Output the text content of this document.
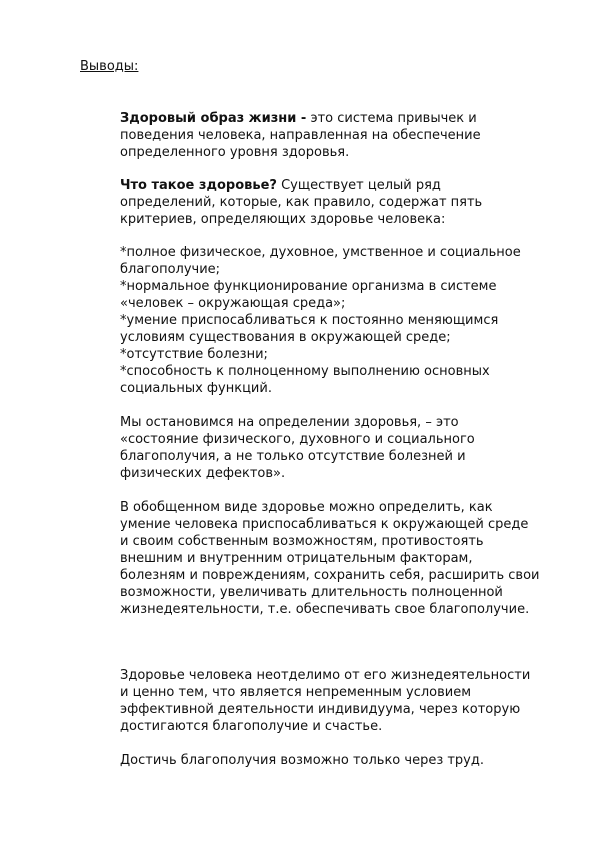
Выводы:

Здоровый образ жизни - это система привычек и поведения человека, направленная на обеспечение определенного уровня здоровья.

Что такое здоровье? Существует целый ряд определений, которые, как правило, содержат пять критериев, определяющих здоровье человека:

*полное физическое, духовное, умственное и социальное благополучие;

*нормальное функционирование организма в системе «человек – окружающая среда»;

*умение приспосабливаться к постоянно меняющимся условиям существования в окружающей среде;

*отсутствие болезни;

*способность к полноценному выполнению основных социальных функций.

Мы остановимся на определении здоровья, – это «состояние физического, духовного и социального благополучия, а не только отсутствие болезней и физических дефектов».

В обобщенном виде здоровье можно определить, как умение человека приспосабливаться к окружающей среде и своим собственным возможностям, противостоять внешним и внутренним отрицательным факторам, болезням и повреждениям, сохранить себя, расширить свои возможности, увеличивать длительность полноценной жизнедеятельности, т.е. обеспечивать свое благополучие.

Здоровье человека неотделимо от его жизнедеятельности и ценно тем, что является непременным условием эффективной деятельности индивидуума, через которую достигаются благополучие и счастье.

Достичь благополучия возможно только через труд.
